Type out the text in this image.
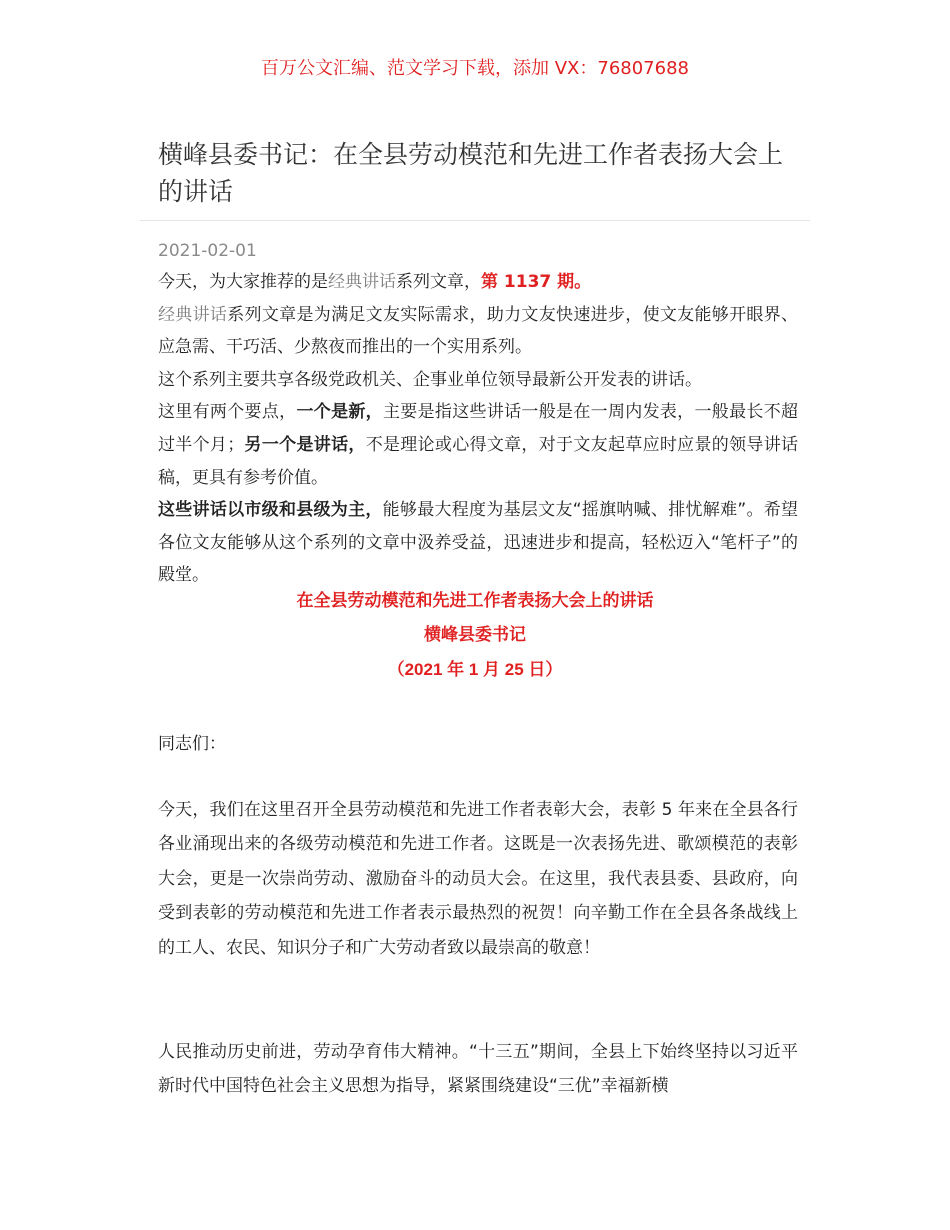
百万公文汇编、范文学习下载，添加 VX：76807688
横峰县委书记：在全县劳动模范和先进工作者表扬大会上的讲话
2021-02-01

今天，为大家推荐的是经典讲话系列文章，第 1137 期。

经典讲话系列文章是为满足文友实际需求，助力文友快速进步，使文友能够开眼界、应急需、干巧活、少熬夜而推出的一个实用系列。

这个系列主要共享各级党政机关、企事业单位领导最新公开发表的讲话。

这里有两个要点，一个是新，主要是指这些讲话一般是在一周内发表，一般最长不超过半个月；另一个是讲话，不是理论或心得文章，对于文友起草应时应景的领导讲话稿，更具有参考价值。

这些讲话以市级和县级为主，能够最大程度为基层文友“摇旗呐喊、排忧解难”。希望各位文友能够从这个系列的文章中汲养受益，迅速进步和提高，轻松迈入“笔杆子”的殿堂。

在全县劳动模范和先进工作者表扬大会上的讲话
横峰县委书记
（2021 年 1 月 25 日）

同志们：

今天，我们在这里召开全县劳动模范和先进工作者表彰大会，表彰 5 年来在全县各行各业涌现出来的各级劳动模范和先进工作者。这既是一次表扬先进、歌颂模范的表彰大会，更是一次崇尚劳动、激励奋斗的动员大会。在这里，我代表县委、县政府，向受到表彰的劳动模范和先进工作者表示最热烈的祝贺！向辛勤工作在全县各条战线上的工人、农民、知识分子和广大劳动者致以最崇高的敬意！

人民推动历史前进，劳动孕育伟大精神。“十三五”期间，全县上下始终坚持以习近平新时代中国特色社会主义思想为指导，紧紧围绕建设“三优”幸福新横
